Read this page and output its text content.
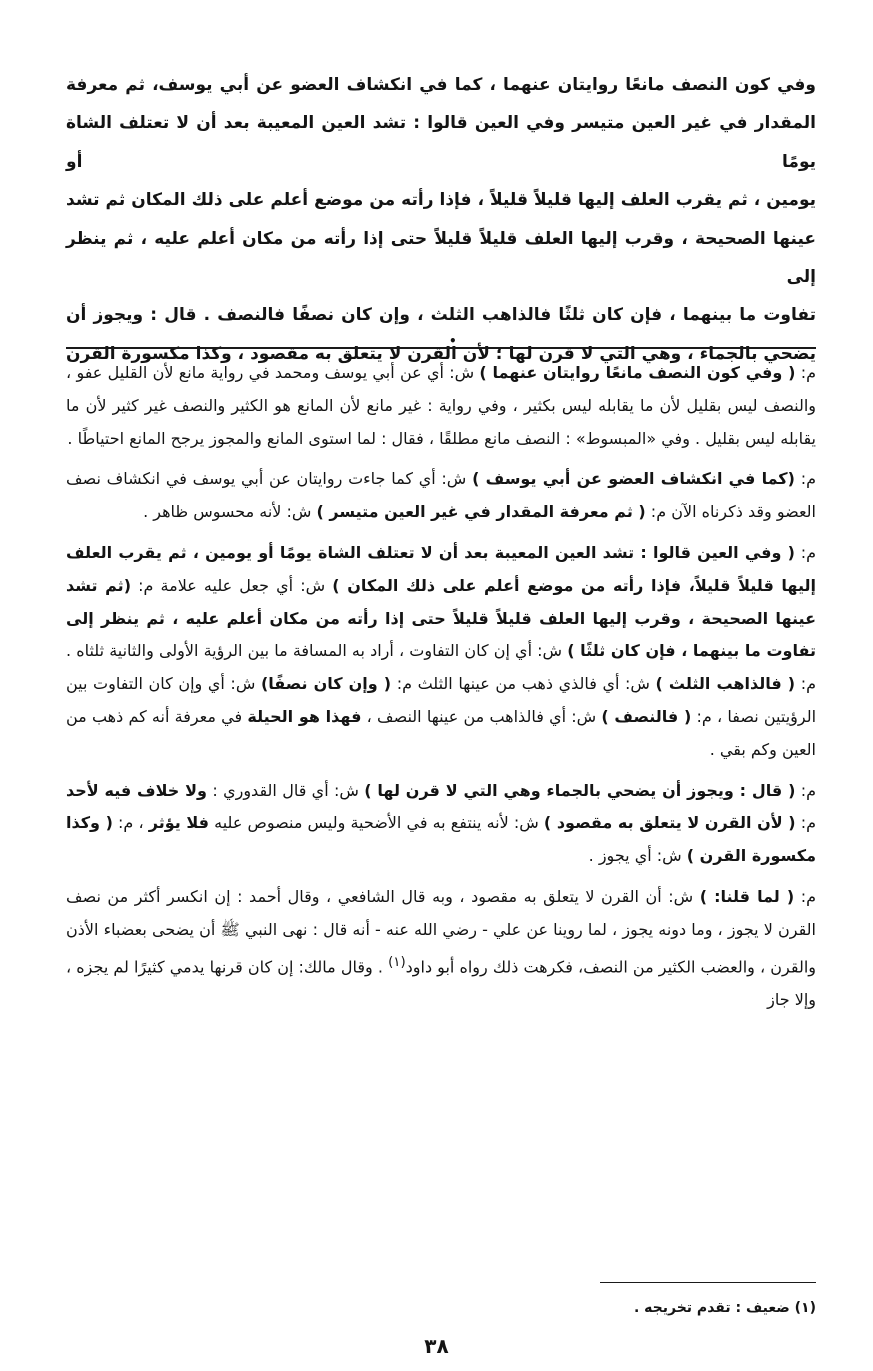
وفي كون النصف مانعًا روايتان عنهما ، كما في انكشاف العضو عن أبي يوسف، ثم معرفة

المقدار في غير العين متيسر وفي العين قالوا : تشد العين المعيبة بعد أن لا تعتلف الشاة يومًا أو

يومين ، ثم يقرب العلف إليها قليلاً قليلاً ، فإذا رأته من موضع أعلم على ذلك المكان ثم تشد

عينها الصحيحة ، وقرب إليها العلف قليلاً قليلاً حتى إذا رأته من مكان أعلم عليه ، ثم ينظر إلى

تفاوت ما بينهما ، فإن كان ثلثًا فالذاهب الثلث ، وإن كان نصفًا فالنصف . قال : ويجوز أن

يضحي بالجماء ، وهي التي لا قرن لها ؛ لأن القرن لا يتعلق به مقصود ، وكذا مكسورة القرن

•

م: ( وفي كون النصف مانعًا روايتان عنهما ) ش: أي عن أبي يوسف ومحمد في رواية مانع لأن القليل عفو ، والنصف ليس بقليل لأن ما يقابله ليس بكثير ، وفي رواية : غير مانع لأن المانع هو الكثير والنصف غير كثير لأن ما يقابله ليس بقليل . وفي «المبسوط» : النصف مانع مطلقًا ، فقال : لما استوى المانع والمجوز يرجح المانع احتياطًا .

م: (كما في انكشاف العضو عن أبي يوسف ) ش: أي كما جاءت روايتان عن أبي يوسف في انكشاف نصف العضو وقد ذكرناه الآن م: ( ثم معرفة المقدار في غير العين متيسر ) ش: لأنه محسوس ظاهر .

م: ( وفي العين قالوا : تشد العين المعيبة بعد أن لا تعتلف الشاة يومًا أو يومين ، ثم يقرب العلف إليها قليلاً قليلاً، فإذا رأته من موضع أعلم على ذلك المكان ) ش: أي جعل عليه علامة م: (ثم تشد عينها الصحيحة ، وقرب إليها العلف قليلاً قليلاً حتى إذا رأته من مكان أعلم عليه ، ثم ينظر إلى تفاوت ما بينهما ، فإن كان ثلثًا ) ش: أي إن كان التفاوت ، أراد به المسافة ما بين الرؤية الأولى والثانية ثلثاه . م: ( فالذاهب الثلث ) ش: أي فالذي ذهب من عينها الثلث م: ( وإن كان نصفًا) ش: أي وإن كان التفاوت بين الرؤيتين نصفا ، م: ( فالنصف ) ش: أي فالذاهب من عينها النصف ، فهذا هو الحيلة في معرفة أنه كم ذهب من العين وكم بقي .

م: ( قال : ويجوز أن يضحي بالجماء وهي التي لا قرن لها ) ش: أي قال القدوري : ولا خلاف فيه لأحد م: ( لأن القرن لا يتعلق به مقصود ) ش: لأنه ينتفع به في الأضحية وليس منصوص عليه فلا يؤثر ، م: ( وكذا مكسورة القرن ) ش: أي يجوز .

م: ( لما قلنا: ) ش: أن القرن لا يتعلق به مقصود ، وبه قال الشافعي ، وقال أحمد : إن انكسر أكثر من نصف القرن لا يجوز ، وما دونه يجوز ، لما روينا عن علي - رضي الله عنه - أنه قال : نهى النبي ﷺ أن يضحى بعضباء الأذن والقرن ، والعضب الكثير من النصف، فكرهت ذلك رواه أبو داود$^{(١)}$ . وقال مالك: إن كان قرنها يدمي كثيرًا لم يجزه ، وإلا جاز

(١) ضعيف : تقدم تخريجه .
٣٨
